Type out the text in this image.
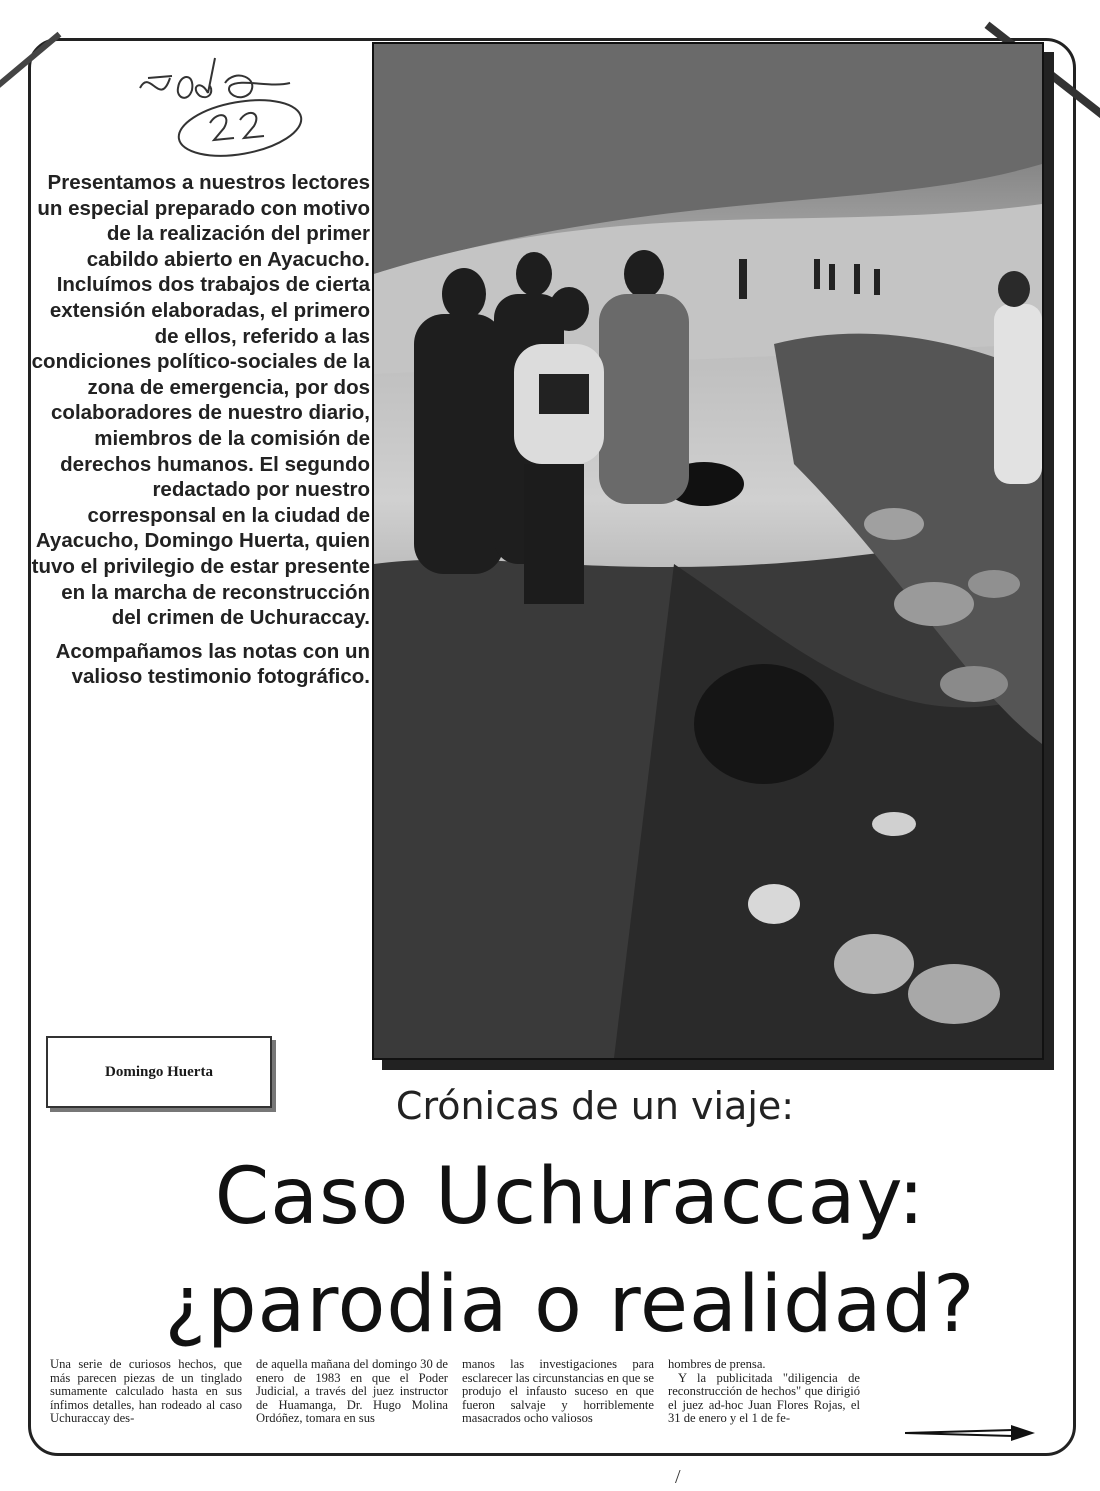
Presentamos a nuestros lectores un especial preparado con motivo de la realización del primer cabildo abierto en Ayacucho. Incluímos dos trabajos de cierta extensión elaboradas, el primero de ellos, referido a las condiciones político-sociales de la zona de emergencia, por dos colaboradores de nuestro diario, miembros de la comisión de derechos humanos. El segundo redactado por nuestro corresponsal en la ciudad de Ayacucho, Domingo Huerta, quien tuvo el privilegio de estar presente en la marcha de reconstrucción del crimen de Uchuraccay.

Acompañamos las notas con un valioso testimonio fotográfico.

Domingo Huerta
Crónicas de un viaje:
Caso Uchuraccay:
¿parodia o realidad?

Una serie de curiosos hechos, que más parecen piezas de un tinglado sumamente calculado hasta en sus ínfimos detalles, han rodeado al caso Uchuraccay des-

de aquella mañana del domingo 30 de enero de 1983 en que el Poder Judicial, a través del juez instructor de Huamanga, Dr. Hugo Molina Ordóñez, tomara en sus

manos las investigaciones para esclarecer las circunstancias en que se produjo el infausto suceso en que fueron salvaje y horriblemente masacrados ocho valiosos

hombres de prensa.

Y la publicitada "diligencia de reconstrucción de hechos" que dirigió el juez ad-hoc Juan Flores Rojas, el 31 de enero y el 1 de fe-

/
